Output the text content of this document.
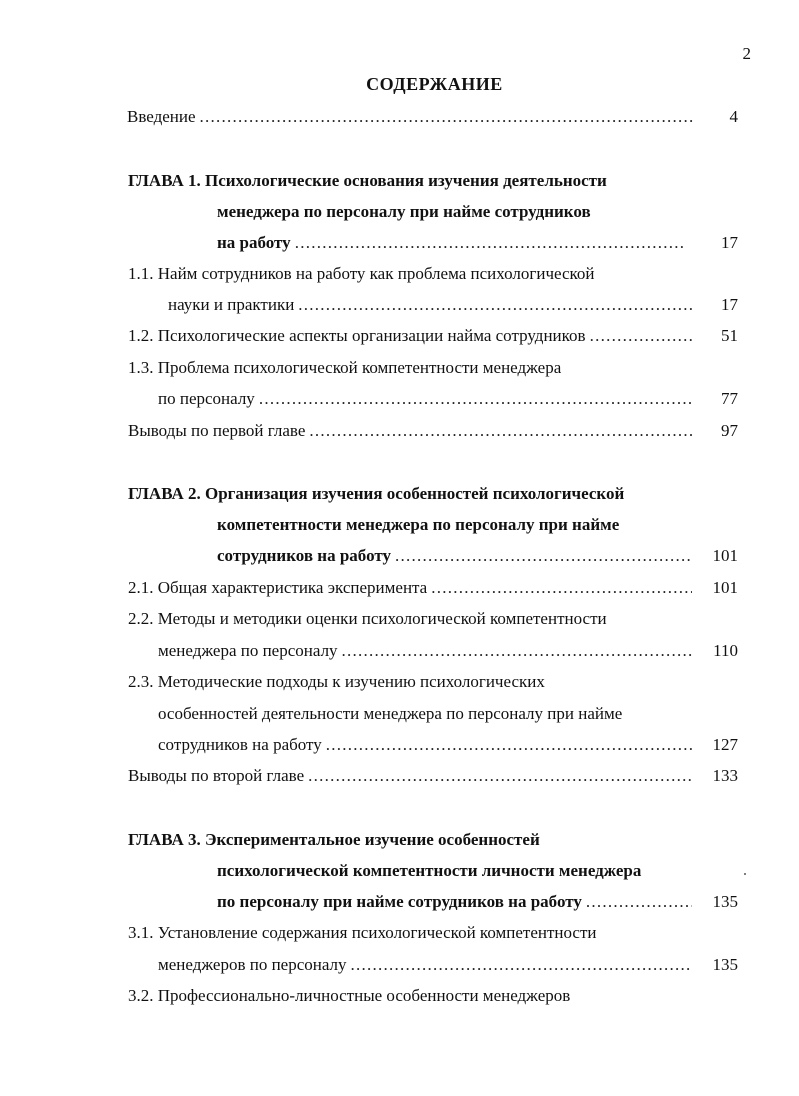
2
СОДЕРЖАНИЕ
Введение . . .	4
ГЛАВА 1. Психологические основания изучения деятельности
менеджера по персоналу при найме сотрудников
на работу . . .	17
1.1. Найм сотрудников на работу как проблема психологической
науки и практики . . .	17
1.2. Психологические аспекты организации найма сотрудников . . .	51
1.3. Проблема психологической компетентности менеджера
по персоналу . . .	77
Выводы по первой главе . . .	97
ГЛАВА 2. Организация изучения особенностей психологической
компетентности менеджера по персоналу при найме
сотрудников на работу . . .	101
2.1. Общая характеристика эксперимента . . .	101
2.2. Методы и методики оценки психологической компетентности
менеджера по персоналу . . .	110
2.3. Методические подходы к изучению психологических
особенностей деятельности менеджера по персоналу при найме
сотрудников на работу . . .	127
Выводы по второй главе . . .	133
ГЛАВА 3. Экспериментальное изучение особенностей
психологической компетентности личности менеджера
по персоналу при найме сотрудников на работу . . .	135
3.1. Установление содержания психологической компетентности
менеджеров по персоналу . . .	135
3.2. Профессионально-личностные особенности менеджеров
